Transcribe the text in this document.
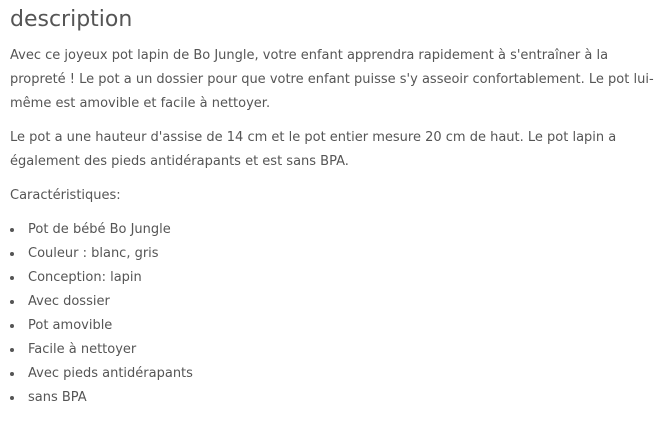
description

Avec ce joyeux pot lapin de Bo Jungle, votre enfant apprendra rapidement à s'entraîner à la propreté ! Le pot a un dossier pour que votre enfant puisse s'y asseoir confortablement. Le pot lui-même est amovible et facile à nettoyer.

Le pot a une hauteur d'assise de 14 cm et le pot entier mesure 20 cm de haut. Le pot lapin a également des pieds antidérapants et est sans BPA.

Caractéristiques:

Pot de bébé Bo Jungle
Couleur : blanc, gris
Conception: lapin
Avec dossier
Pot amovible
Facile à nettoyer
Avec pieds antidérapants
sans BPA
